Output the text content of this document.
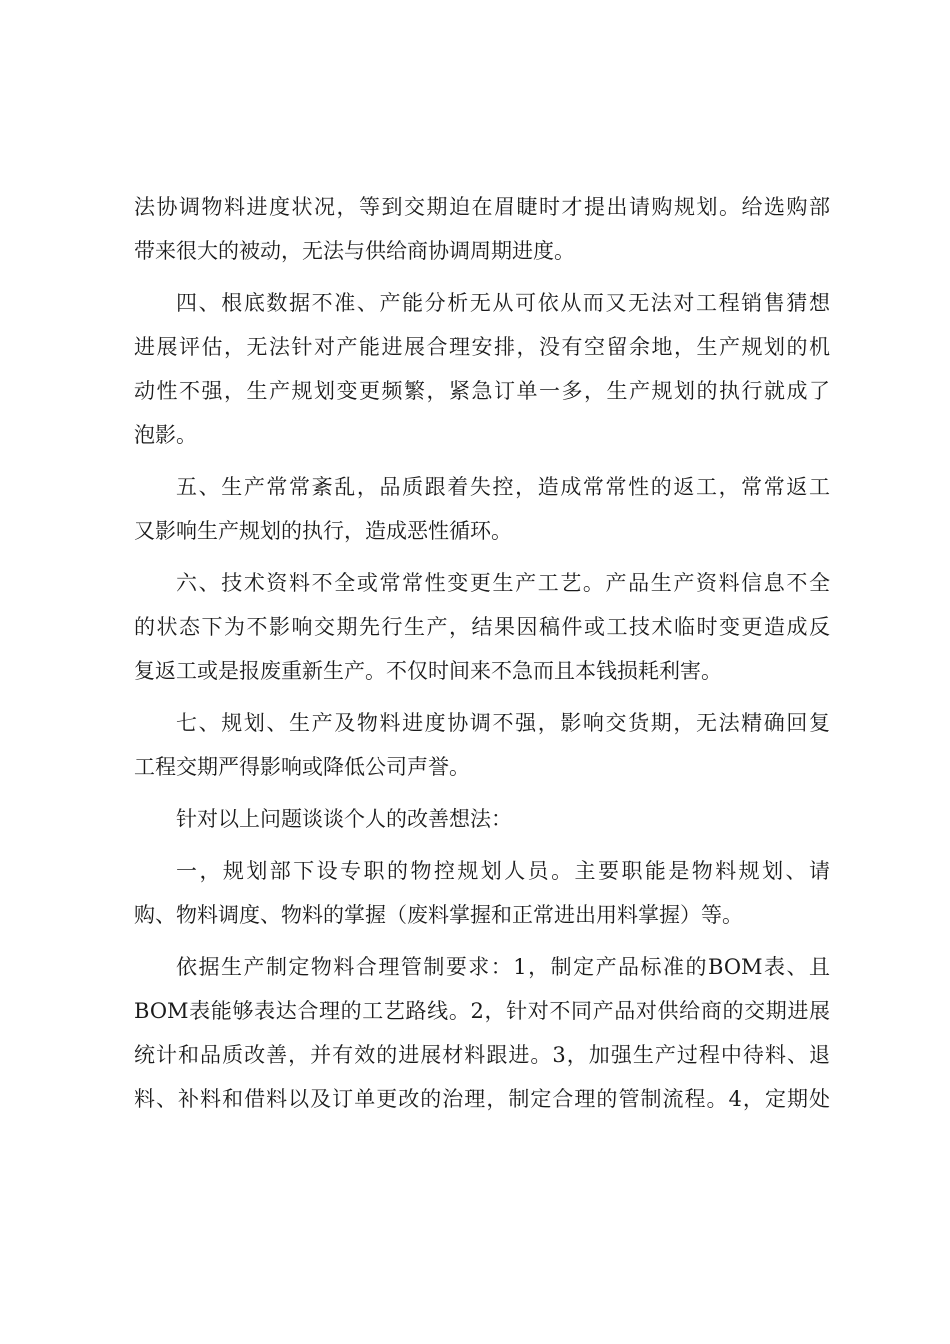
法协调物料进度状况，等到交期迫在眉睫时才提出请购规划。给选购部
带来很大的被动，无法与供给商协调周期进度。
四、根底数据不准、产能分析无从可依从而又无法对工程销售猜想
进展评估，无法针对产能进展合理安排，没有空留余地，生产规划的机
动性不强，生产规划变更频繁，紧急订单一多，生产规划的执行就成了
泡影。
五、生产常常紊乱，品质跟着失控，造成常常性的返工，常常返工
又影响生产规划的执行，造成恶性循环。
六、技术资料不全或常常性变更生产工艺。产品生产资料信息不全
的状态下为不影响交期先行生产，结果因稿件或工技术临时变更造成反
复返工或是报废重新生产。不仅时间来不急而且本钱损耗利害。
七、规划、生产及物料进度协调不强，影响交货期，无法精确回复
工程交期严得影响或降低公司声誉。
针对以上问题谈谈个人的改善想法：
一，规划部下设专职的物控规划人员。主要职能是物料规划、请
购、物料调度、物料的掌握（废料掌握和正常进出用料掌握）等。
依据生产制定物料合理管制要求：1，制定产品标准的BOM表、且
BOM表能够表达合理的工艺路线。2，针对不同产品对供给商的交期进展
统计和品质改善，并有效的进展材料跟进。3，加强生产过程中待料、退
料、补料和借料以及订单更改的治理，制定合理的管制流程。4，定期处
